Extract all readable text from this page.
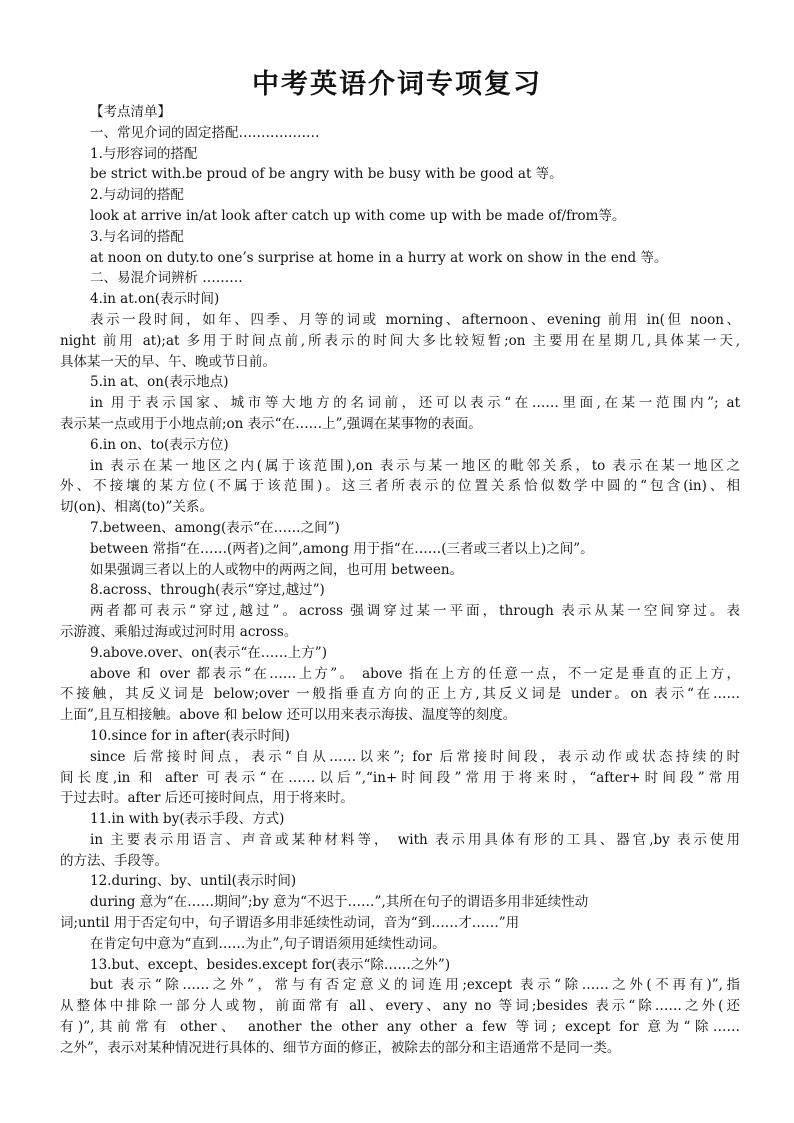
中考英语介词专项复习
【考点清单】
一、常见介词的固定搭配………………
1.与形容词的搭配
be strict with.be proud of be angry with be busy with be good at 等。
2.与动词的搭配
look at arrive in/at look after catch up with come up with be made of/from等。
3.与名词的搭配
at noon on duty.to one’s surprise at home in a hurry at work on show in the end 等。
二、易混介词辨析 ………
4.in at.on(表示时间)
表示一段时间，如年、四季、月等的词或 morning、afternoon、evening 前用 in(但 noon、
night 前用 at);at 多用于时间点前,所表示的时间大多比较短暂;on 主要用在星期几,具体某一天,
具体某一天的早、午、晚或节日前。
5.in at、on(表示地点)
in 用于表示国家、城市等大地方的名词前，还可以表示“在……里面,在某一范围内”; at
表示某一点或用于小地点前;on 表示“在……上”,强调在某事物的表面。
6.in on、to(表示方位)
in 表示在某一地区之内(属于该范围),on 表示与某一地区的毗邻关系，to 表示在某一地区之
外、不接壤的某方位(不属于该范围)。这三者所表示的位置关系恰似数学中圆的“包含(in)、相
切(on)、相离(to)”关系。
7.between、among(表示“在……之间”)
between 常指“在……(两者)之间”,among 用于指“在……(三者或三者以上)之间”。
如果强调三者以上的人或物中的两两之间，也可用 between。
8.across、through(表示“穿过,越过”)
两者都可表示“穿过,越过”。across 强调穿过某一平面，through 表示从某一空间穿过。表
示游渡、乘船过海或过河时用 across。
9.above.over、on(表示“在……上方”)
above 和 over 都表示“在……上方”。 above 指在上方的任意一点，不一定是垂直的正上方，
不接触，其反义词是 below;over 一般指垂直方向的正上方,其反义词是 under。on 表示“在……
上面”,且互相接触。above 和 below 还可以用来表示海拔、温度等的刻度。
10.since for in after(表示时间)
since 后常接时间点，表示“自从……以来”; for 后常接时间段，表示动作或状态持续的时
间长度,in 和 after 可表示“在……以后”,“in+时间段”常用于将来时，“after+时间段”常用
于过去时。after 后还可接时间点，用于将来时。
11.in with by(表示手段、方式)
in 主要表示用语言、声音或某种材料等， with 表示用具体有形的工具、器官,by 表示使用
的方法、手段等。
12.during、by、until(表示时间)
during 意为“在……期间”;by 意为“不迟于……”,其所在句子的谓语多用非延续性动
词;until 用于否定句中，句子谓语多用非延续性动词，音为“到……才……”用
在肯定句中意为“直到……为止”,句子谓语须用延续性动词。
13.but、except、besides.except for(表示“除……之外”)
but 表示“除……之外”，常与有否定意义的词连用;except 表示“除……之外(不再有)”,指
从整体中排除一部分人或物，前面常有 all、every、any no 等词;besides 表示“除……之外(还
有)”,其前常有 other、 another the other any other a few 等词; except for 意为“除……
之外”，表示对某种情况进行具体的、细节方面的修正，被除去的部分和主语通常不是同一类。
